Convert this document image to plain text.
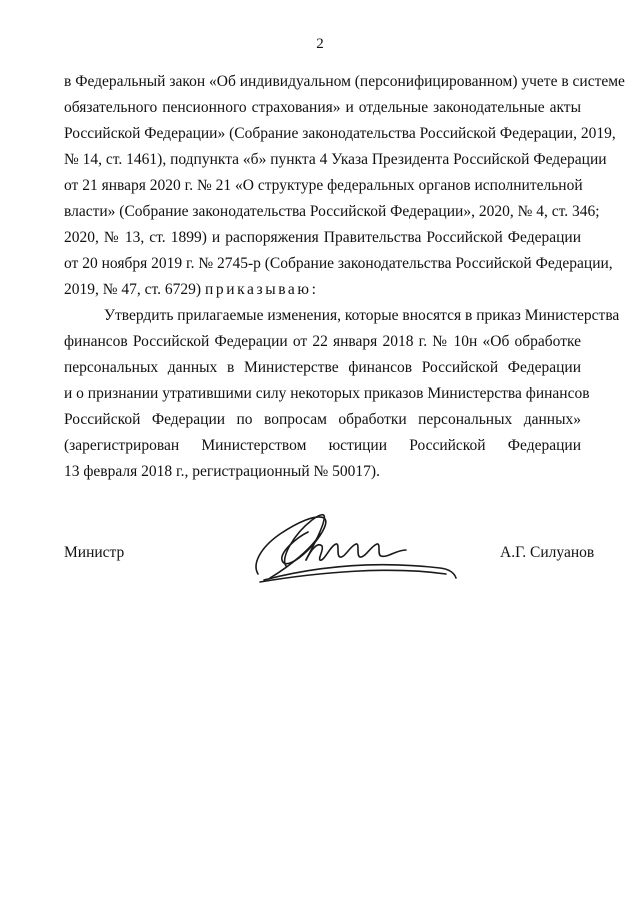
2
в Федеральный закон «Об индивидуальном (персонифицированном) учете в системе
обязательного пенсионного страхования» и отдельные законодательные акты
Российской Федерации» (Собрание законодательства Российской Федерации, 2019,
№ 14, ст. 1461), подпункта «б» пункта 4 Указа Президента Российской Федерации
от 21 января 2020 г. № 21 «О структуре федеральных органов исполнительной
власти» (Собрание законодательства Российской Федерации», 2020, № 4, ст. 346;
2020, № 13, ст. 1899) и распоряжения Правительства Российской Федерации
от 20 ноября 2019 г. № 2745-р (Собрание законодательства Российской Федерации,
2019, № 47, ст. 6729) приказываю:
Утвердить прилагаемые изменения, которые вносятся в приказ Министерства
финансов Российской Федерации от 22 января 2018 г. № 10н «Об обработке
персональных данных в Министерстве финансов Российской Федерации
и о признании утратившими силу некоторых приказов Министерства финансов
Российской Федерации по вопросам обработки персональных данных»
(зарегистрирован Министерством юстиции Российской Федерации
13 февраля 2018 г., регистрационный № 50017).
Министр	А.Г. Силуанов
